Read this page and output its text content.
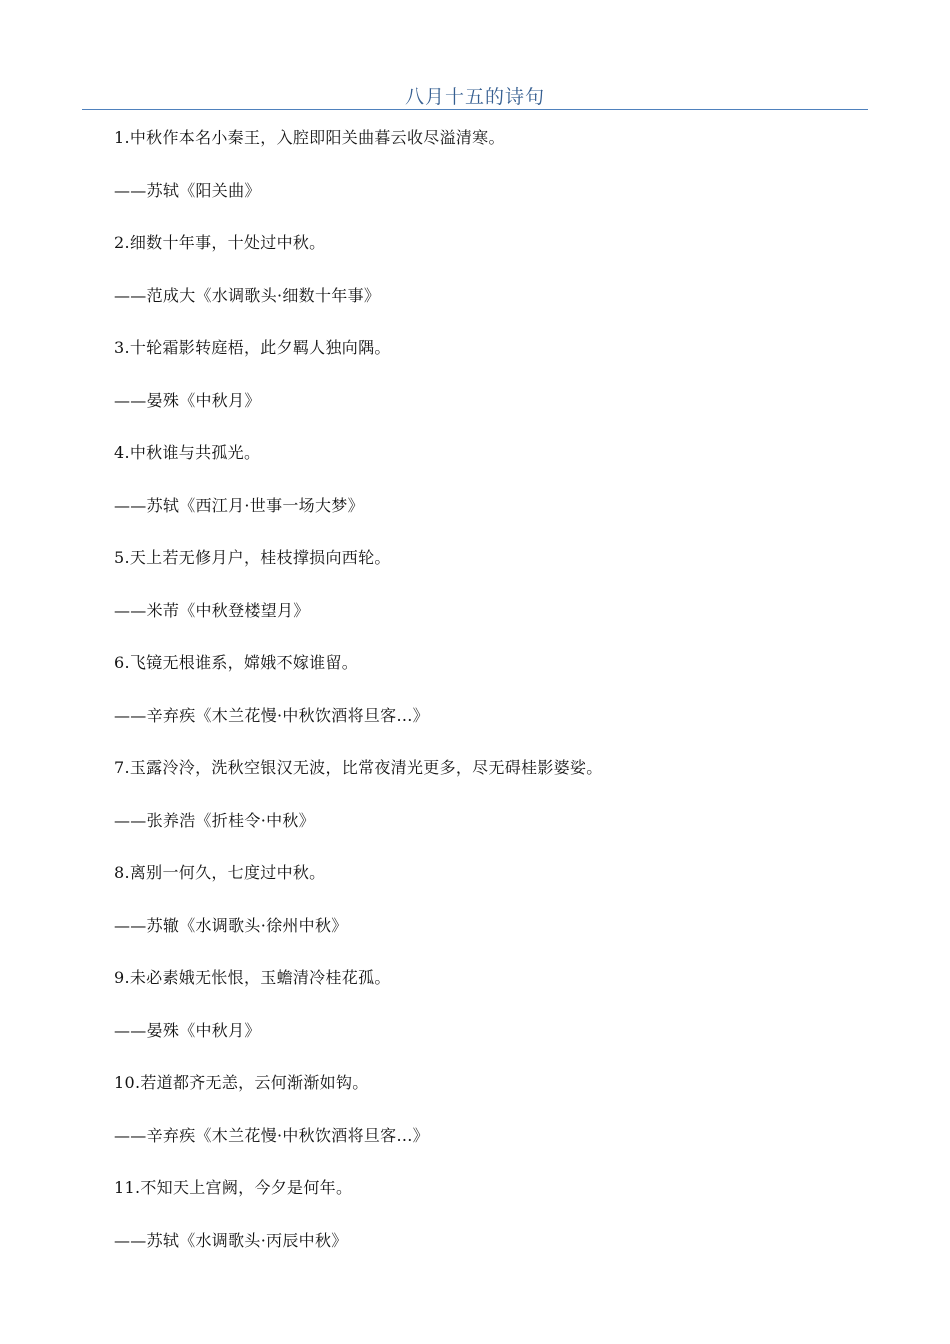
八月十五的诗句
1.中秋作本名小秦王，入腔即阳关曲暮云收尽溢清寒。
——苏轼《阳关曲》
2.细数十年事，十处过中秋。
——范成大《水调歌头·细数十年事》
3.十轮霜影转庭梧，此夕羁人独向隅。
——晏殊《中秋月》
4.中秋谁与共孤光。
——苏轼《西江月·世事一场大梦》
5.天上若无修月户，桂枝撑损向西轮。
——米芾《中秋登楼望月》
6.飞镜无根谁系，嫦娥不嫁谁留。
——辛弃疾《木兰花慢·中秋饮酒将旦客...》
7.玉露泠泠，洗秋空银汉无波，比常夜清光更多，尽无碍桂影婆娑。
——张养浩《折桂令·中秋》
8.离别一何久，七度过中秋。
——苏辙《水调歌头·徐州中秋》
9.未必素娥无怅恨，玉蟾清冷桂花孤。
——晏殊《中秋月》
10.若道都齐无恙，云何渐渐如钩。
——辛弃疾《木兰花慢·中秋饮酒将旦客...》
11.不知天上宫阙，今夕是何年。
——苏轼《水调歌头·丙辰中秋》
